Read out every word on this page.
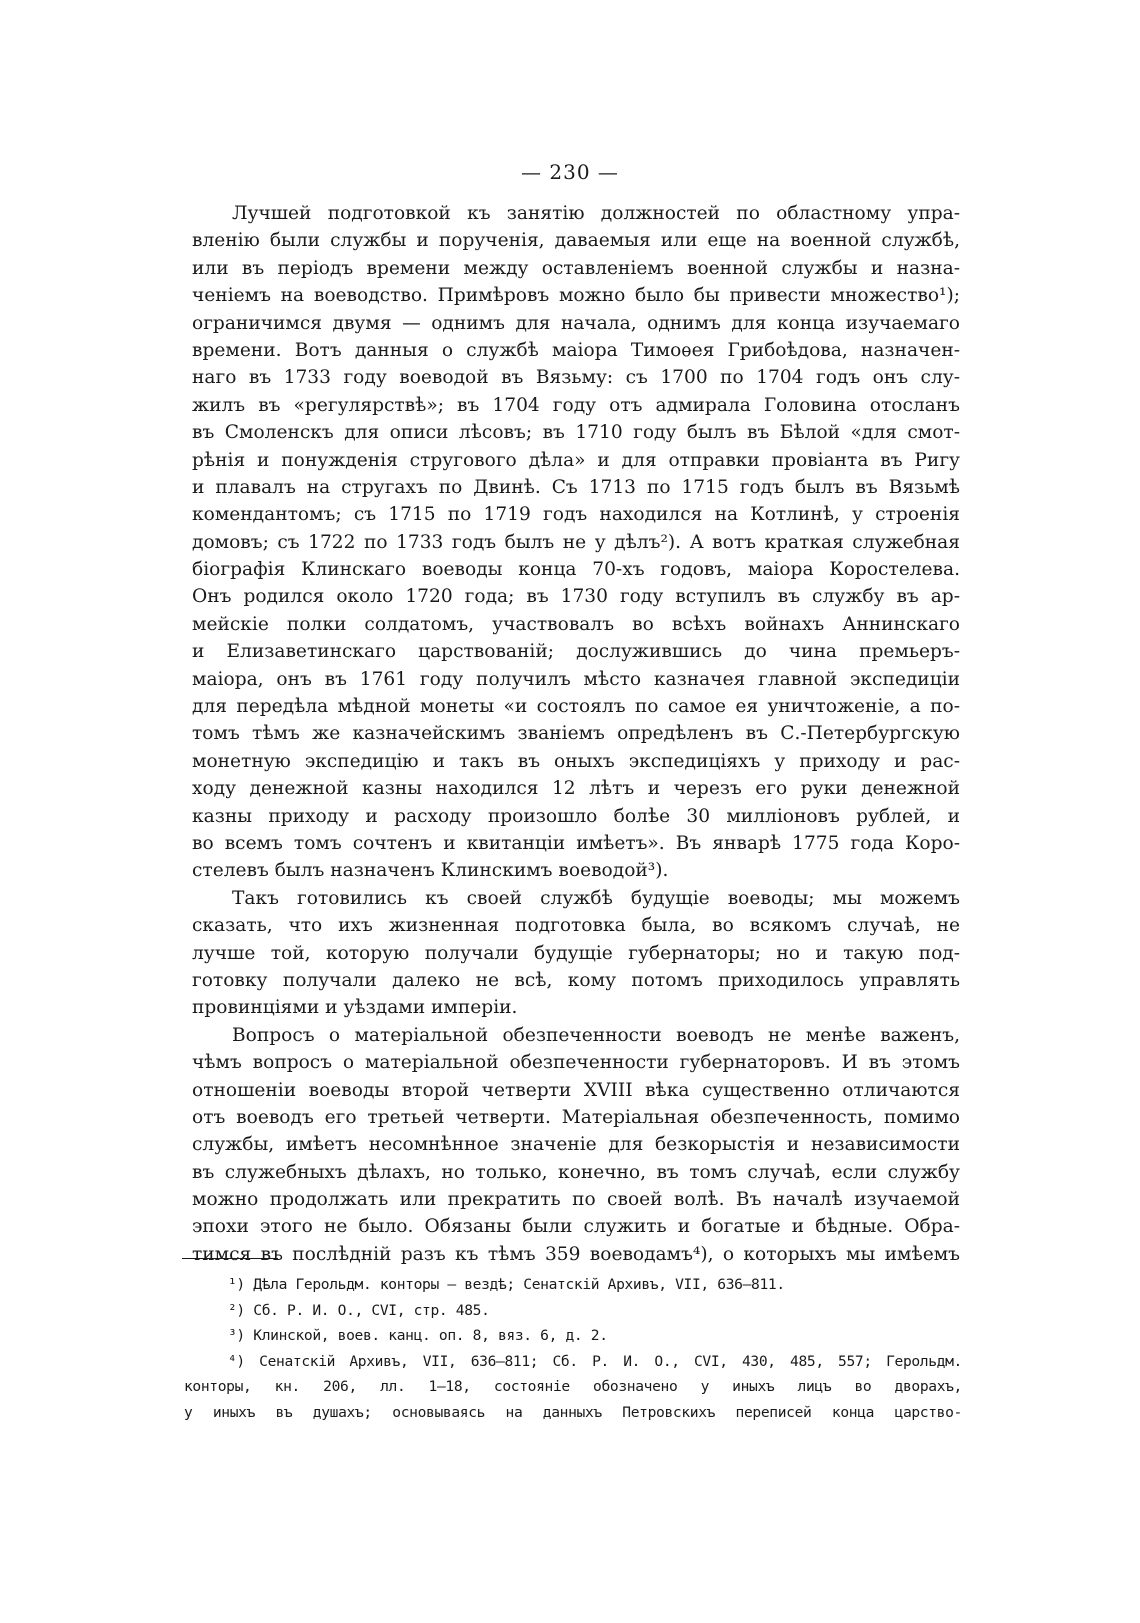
— 230 —
Лучшей подготовкой къ занятію должностей по областному упра-
вленію были службы и порученія, даваемыя или еще на военной службѣ,
или въ періодъ времени между оставленіемъ военной службы и назна-
ченіемъ на воеводство. Примѣровъ можно было бы привести множество¹);
ограничимся двумя — однимъ для начала, однимъ для конца изучаемаго
времени. Вотъ данныя о службѣ маіора Тимоѳея Грибоѣдова, назначен-
наго въ 1733 году воеводой въ Вязьму: съ 1700 по 1704 годъ онъ слу-
жилъ въ «регулярствѣ»; въ 1704 году отъ адмирала Головина отосланъ
въ Смоленскъ для описи лѣсовъ; въ 1710 году былъ въ Бѣлой «для смот-
рѣнія и понужденія стругового дѣла» и для отправки провіанта въ Ригу
и плавалъ на стругахъ по Двинѣ. Съ 1713 по 1715 годъ былъ въ Вязьмѣ
комендантомъ; съ 1715 по 1719 годъ находился на Котлинѣ, у строенія
домовъ; съ 1722 по 1733 годъ былъ не у дѣлъ²). А вотъ краткая служебная
біографія Клинскаго воеводы конца 70-хъ годовъ, маіора Коростелева.
Онъ родился около 1720 года; въ 1730 году вступилъ въ службу въ ар-
мейскіе полки солдатомъ, участвовалъ во всѣхъ войнахъ Аннинскаго
и Елизаветинскаго царствованій; дослужившись до чина премьеръ-
маіора, онъ въ 1761 году получилъ мѣсто казначея главной экспедиціи
для передѣла мѣдной монеты «и состоялъ по самое ея уничтоженіе, а по-
томъ тѣмъ же казначейскимъ званіемъ опредѣленъ въ С.-Петербургскую
монетную экспедицію и такъ въ оныхъ экспедиціяхъ у приходу и рас-
ходу денежной казны находился 12 лѣтъ и черезъ его руки денежной
казны приходу и расходу произошло болѣе 30 милліоновъ рублей, и
во всемъ томъ сочтенъ и квитанціи имѣетъ». Въ январѣ 1775 года Коро-
стелевъ былъ назначенъ Клинскимъ воеводой³).
Такъ готовились къ своей службѣ будущіе воеводы; мы можемъ
сказать, что ихъ жизненная подготовка была, во всякомъ случаѣ, не
лучше той, которую получали будущіе губернаторы; но и такую под-
готовку получали далеко не всѣ, кому потомъ приходилось управлять
провинціями и уѣздами имперіи.
Вопросъ о матеріальной обезпеченности воеводъ не менѣе важенъ,
чѣмъ вопросъ о матеріальной обезпеченности губернаторовъ. И въ этомъ
отношеніи воеводы второй четверти XVIII вѣка существенно отличаются
отъ воеводъ его третьей четверти. Матеріальная обезпеченность, помимо
службы, имѣетъ несомнѣнное значеніе для безкорыстія и независимости
въ служебныхъ дѣлахъ, но только, конечно, въ томъ случаѣ, если службу
можно продолжать или прекратить по своей волѣ. Въ началѣ изучаемой
эпохи этого не было. Обязаны были служить и богатые и бѣдные. Обра-
тимся въ послѣдній разъ къ тѣмъ 359 воеводамъ⁴), о которыхъ мы имѣемъ
¹) Дѣла Герольдм. конторы — вездѣ; Сенатскій Архивъ, VII, 636—811.
²) Сб. Р. И. О., CVI, стр. 485.
³) Клинской, воев. канц. оп. 8, вяз. 6, д. 2.
⁴) Сенатскій Архивъ, VII, 636—811; Сб. Р. И. О., CVI, 430, 485, 557; Герольдм.
конторы, кн. 206, лл. 1—18, состояніе обозначено у иныхъ лицъ во дворахъ,
у иныхъ въ душахъ; основываясь на данныхъ Петровскихъ переписей конца царство-
